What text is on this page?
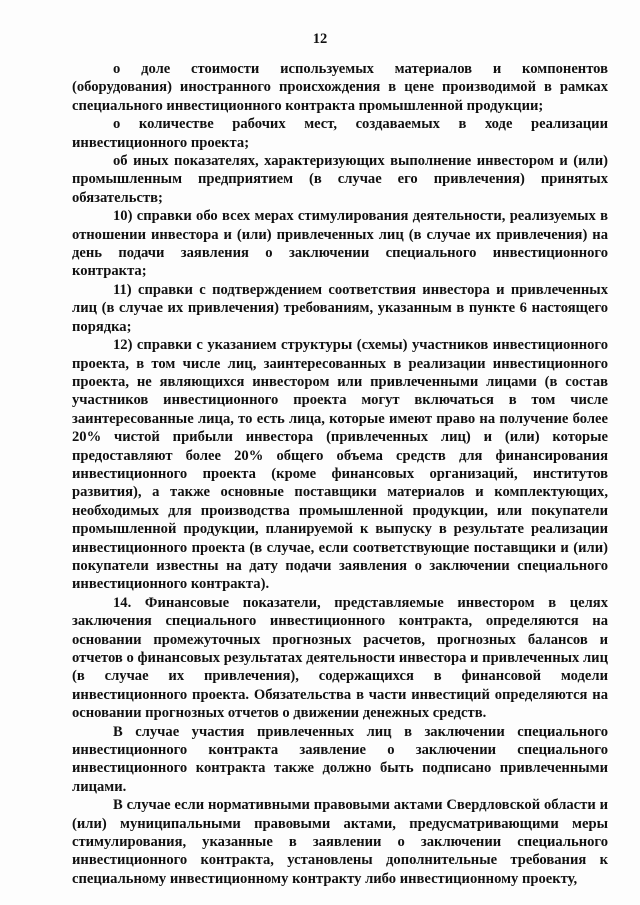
12

о доле стоимости используемых материалов и компонентов (оборудования) иностранного происхождения в цене производимой в рамках специального инвестиционного контракта промышленной продукции;

о количестве рабочих мест, создаваемых в ходе реализации инвестиционного проекта;

об иных показателях, характеризующих выполнение инвестором и (или) промышленным предприятием (в случае его привлечения) принятых обязательств;

10) справки обо всех мерах стимулирования деятельности, реализуемых в отношении инвестора и (или) привлеченных лиц (в случае их привлечения) на день подачи заявления о заключении специального инвестиционного контракта;

11) справки с подтверждением соответствия инвестора и привлеченных лиц (в случае их привлечения) требованиям, указанным в пункте 6 настоящего порядка;

12) справки с указанием структуры (схемы) участников инвестиционного проекта, в том числе лиц, заинтересованных в реализации инвестиционного проекта, не являющихся инвестором или привлеченными лицами (в состав участников инвестиционного проекта могут включаться в том числе заинтересованные лица, то есть лица, которые имеют право на получение более 20% чистой прибыли инвестора (привлеченных лиц) и (или) которые предоставляют более 20% общего объема средств для финансирования инвестиционного проекта (кроме финансовых организаций, институтов развития), а также основные поставщики материалов и комплектующих, необходимых для производства промышленной продукции, или покупатели промышленной продукции, планируемой к выпуску в результате реализации инвестиционного проекта (в случае, если соответствующие поставщики и (или) покупатели известны на дату подачи заявления о заключении специального инвестиционного контракта).

14. Финансовые показатели, представляемые инвестором в целях заключения специального инвестиционного контракта, определяются на основании промежуточных прогнозных расчетов, прогнозных балансов и отчетов о финансовых результатах деятельности инвестора и привлеченных лиц (в случае их привлечения), содержащихся в финансовой модели инвестиционного проекта. Обязательства в части инвестиций определяются на основании прогнозных отчетов о движении денежных средств.

В случае участия привлеченных лиц в заключении специального инвестиционного контракта заявление о заключении специального инвестиционного контракта также должно быть подписано привлеченными лицами.

В случае если нормативными правовыми актами Свердловской области и (или) муниципальными правовыми актами, предусматривающими меры стимулирования, указанные в заявлении о заключении специального инвестиционного контракта, установлены дополнительные требования к специальному инвестиционному контракту либо инвестиционному проекту,
